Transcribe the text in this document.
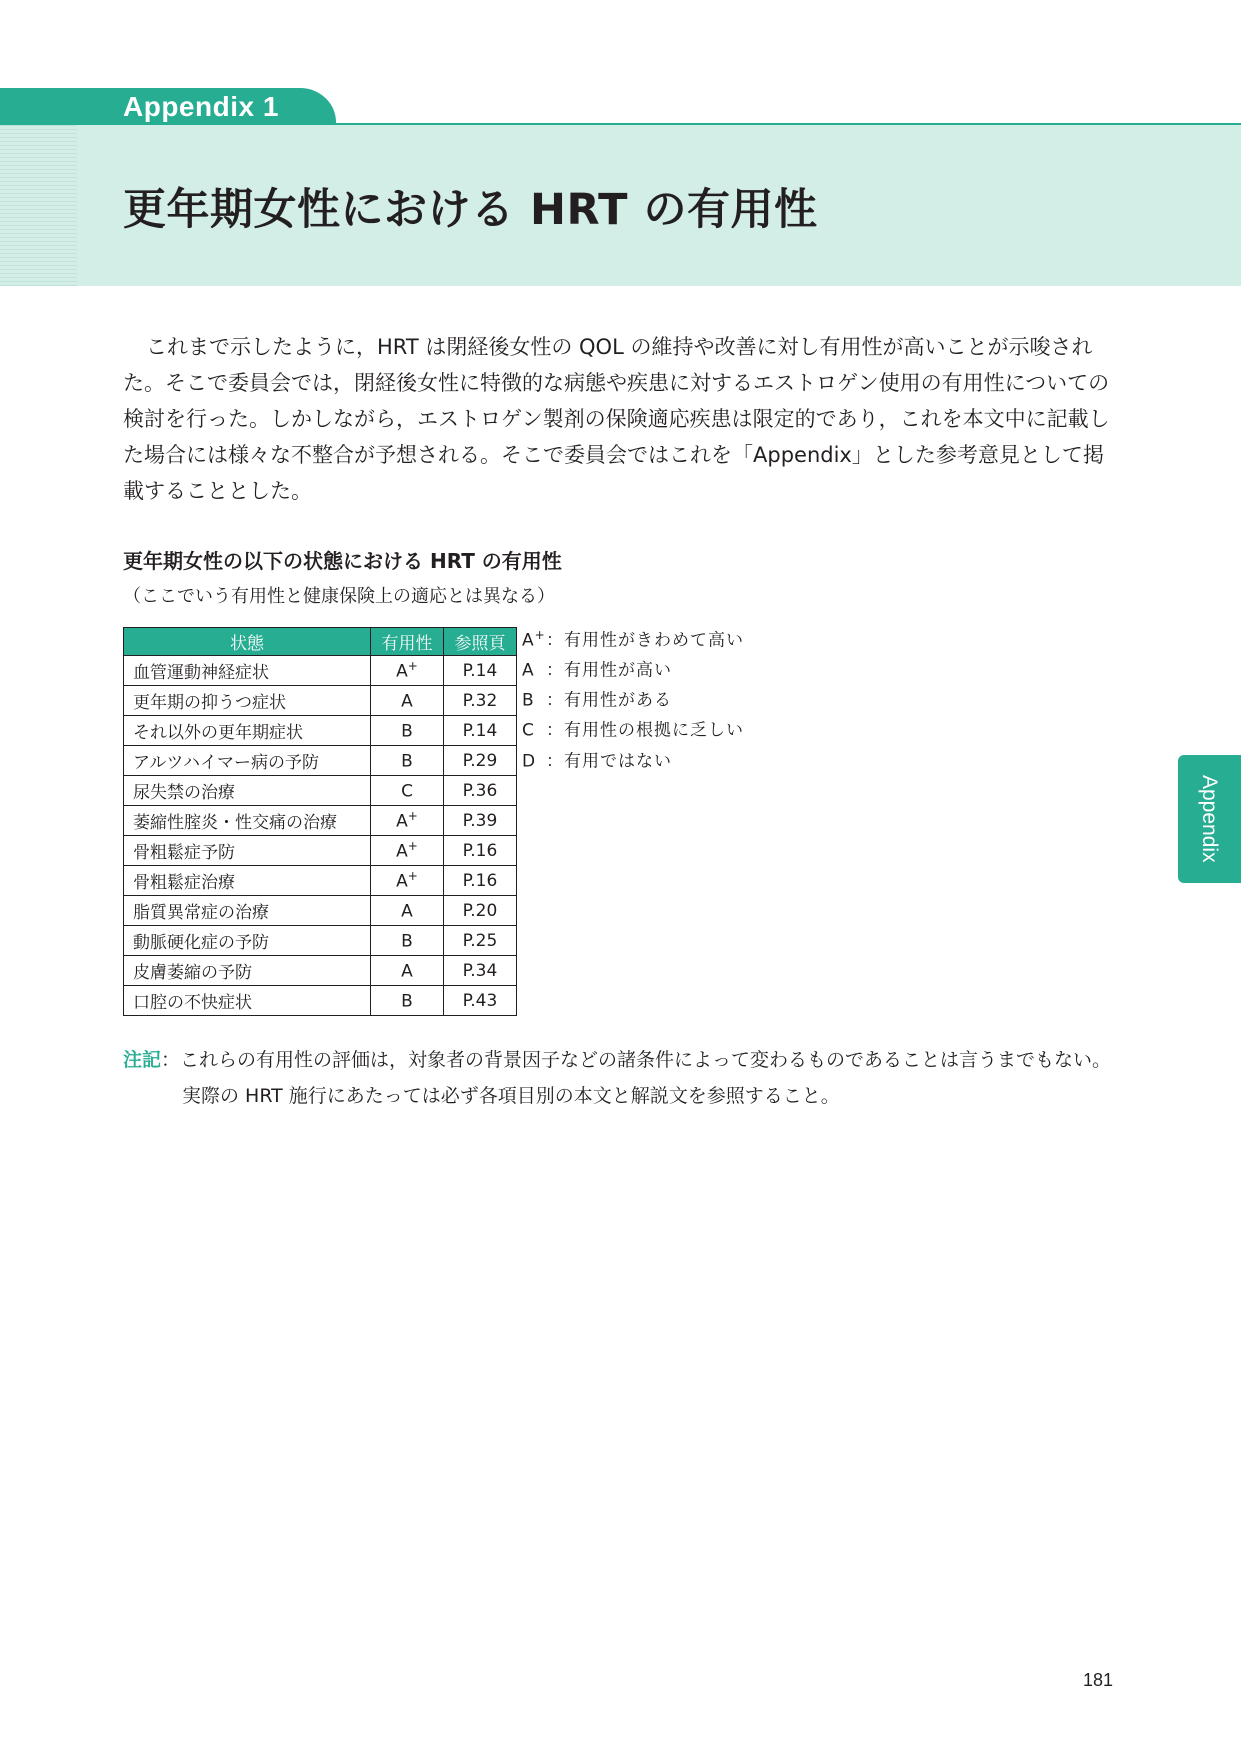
Appendix 1
更年期女性における HRT の有用性

これまで示したように，HRT は閉経後女性の QOL の維持や改善に対し有用性が高いことが示唆された。そこで委員会では，閉経後女性に特徴的な病態や疾患に対するエストロゲン使用の有用性についての検討を行った。しかしながら，エストロゲン製剤の保険適応疾患は限定的であり，これを本文中に記載した場合には様々な不整合が予想される。そこで委員会ではこれを「Appendix」とした参考意見として掲載することとした。

更年期女性の以下の状態における HRT の有用性

（ここでいう有用性と健康保険上の適応とは異なる）

状態	有用性	参照頁
血管運動神経症状	A+	P.14
更年期の抑うつ症状	A	P.32
それ以外の更年期症状	B	P.14
アルツハイマー病の予防	B	P.29
尿失禁の治療	C	P.36
萎縮性腟炎・性交痛の治療	A+	P.39
骨粗鬆症予防	A+	P.16
骨粗鬆症治療	A+	P.16
脂質異常症の治療	A	P.20
動脈硬化症の予防	B	P.25
皮膚萎縮の予防	A	P.34
口腔の不快症状	B	P.43
A+：有用性がきわめて高い
A ：有用性が高い
B ：有用性がある
C ：有用性の根拠に乏しい
D ：有用ではない
注記：これらの有用性の評価は，対象者の背景因子などの諸条件によって変わるものであることは言うまでもない。
実際の HRT 施行にあたっては必ず各項目別の本文と解説文を参照すること。
Appendix
181
